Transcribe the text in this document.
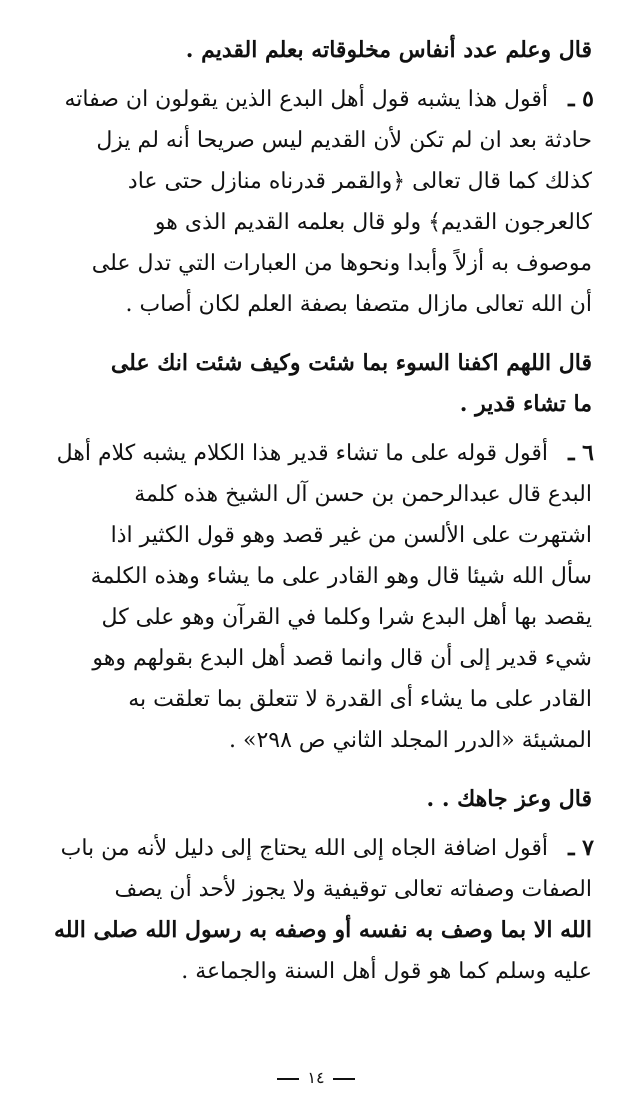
قال وعلم عدد أنفاس مخلوقاته بعلم القديم .
٥ ـ
أقول هذا يشبه قول أهل البدع الذين يقولون ان صفاته
حادثة بعد ان لم تكن لأن القديم ليس صريحا أنه لم يزل
كذلك كما قال تعالى ﴿والقمر قدرناه منازل حتى عاد
كالعرجون القديم﴾ ولو قال بعلمه القديم الذى هو
موصوف به أزلاً وأبدا ونحوها من العبارات التي تدل على
أن الله تعالى مازال متصفا بصفة العلم لكان أصاب .
قال اللهم اكفنا السوء بما شئت وكيف شئت انك على
ما تشاء قدير .
٦ ـ
أقول قوله على ما تشاء قدير هذا الكلام يشبه كلام أهل
البدع قال عبدالرحمن بن حسن آل الشيخ هذه كلمة
اشتهرت على الألسن من غير قصد وهو قول الكثير اذا
سأل الله شيئا قال وهو القادر على ما يشاء وهذه الكلمة
يقصد بها أهل البدع شرا وكلما في القرآن وهو على كل
شيء قدير إلى أن قال وانما قصد أهل البدع بقولهم وهو
القادر على ما يشاء أى القدرة لا تتعلق بما تعلقت به
المشيئة «الدرر المجلد الثاني ص ٢٩٨» .
قال وعز جاهك . .
٧ ـ
أقول اضافة الجاه إلى الله يحتاج إلى دليل لأنه من باب
الصفات وصفاته تعالى توقيفية ولا يجوز لأحد أن يصف
الله الا بما وصف به نفسه أو وصفه به رسول الله صلى الله
عليه وسلم كما هو قول أهل السنة والجماعة .
١٤
